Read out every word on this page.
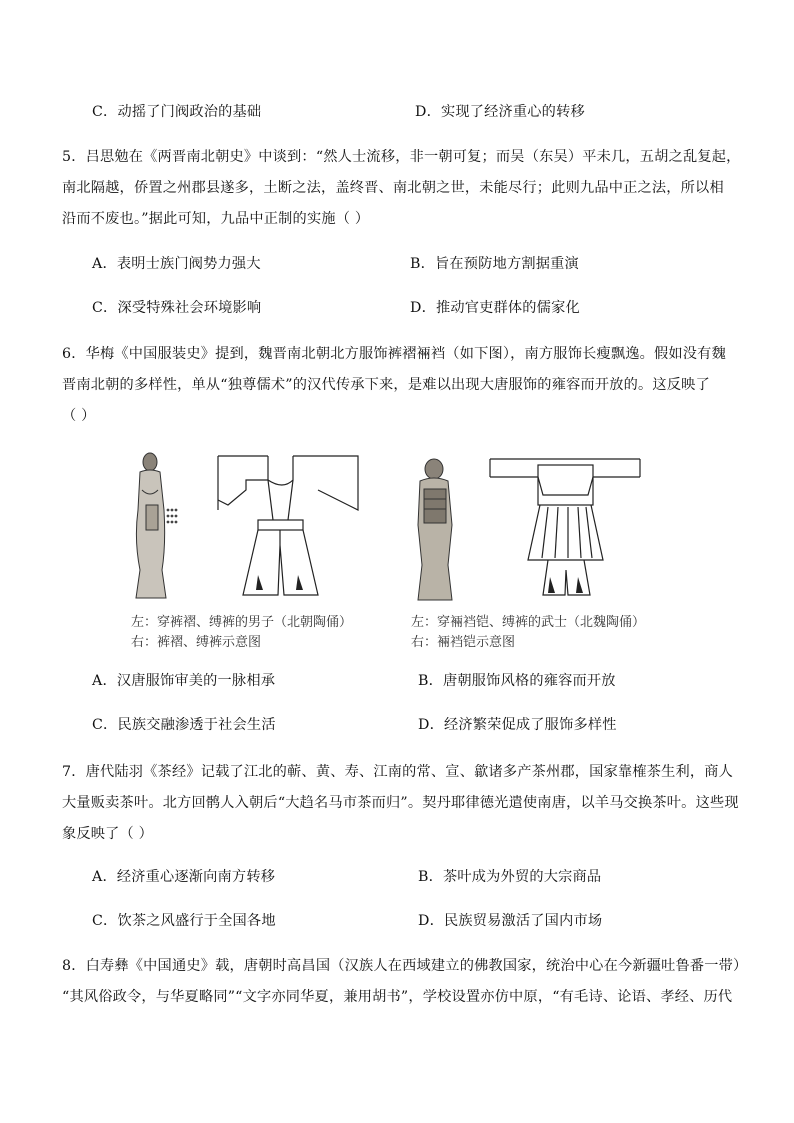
C．动摇了门阀政治的基础	D．实现了经济重心的转移
5．吕思勉在《两晋南北朝史》中谈到：“然人士流移，非一朝可复；而吴（东吴）平未几，五胡之乱复起，
南北隔越，侨置之州郡县遂多，土断之法，盖终晋、南北朝之世，未能尽行；此则九品中正之法，所以相
沿而不废也。”据此可知，九品中正制的实施（ ）
A．表明士族门阀势力强大	B．旨在预防地方割据重演
C．深受特殊社会环境影响	D．推动官吏群体的儒家化
6．华梅《中国服装史》提到，魏晋南北朝北方服饰裤褶裲裆（如下图），南方服饰长瘦飘逸。假如没有魏
晋南北朝的多样性，单从“独尊儒术”的汉代传承下来，是难以出现大唐服饰的雍容而开放的。这反映了
（ ）
左：穿裤褶、缚裤的男子（北朝陶俑）
右：裤褶、缚裤示意图
左：穿裲裆铠、缚裤的武士（北魏陶俑）
右：裲裆铠示意图
A．汉唐服饰审美的一脉相承	B．唐朝服饰风格的雍容而开放
C．民族交融渗透于社会生活	D．经济繁荣促成了服饰多样性
7．唐代陆羽《茶经》记载了江北的蕲、黄、寿、江南的常、宣、歙诸多产茶州郡，国家靠榷茶生利，商人
大量贩卖茶叶。北方回鹘人入朝后“大趋名马市茶而归”。契丹耶律德光遣使南唐，以羊马交换茶叶。这些现
象反映了（ ）
A．经济重心逐渐向南方转移	B．茶叶成为外贸的大宗商品
C．饮茶之风盛行于全国各地	D．民族贸易激活了国内市场
8．白寿彝《中国通史》载，唐朝时高昌国（汉族人在西域建立的佛教国家，统治中心在今新疆吐鲁番一带）
“其风俗政令，与华夏略同”“文字亦同华夏，兼用胡书”，学校设置亦仿中原，“有毛诗、论语、孝经、历代
